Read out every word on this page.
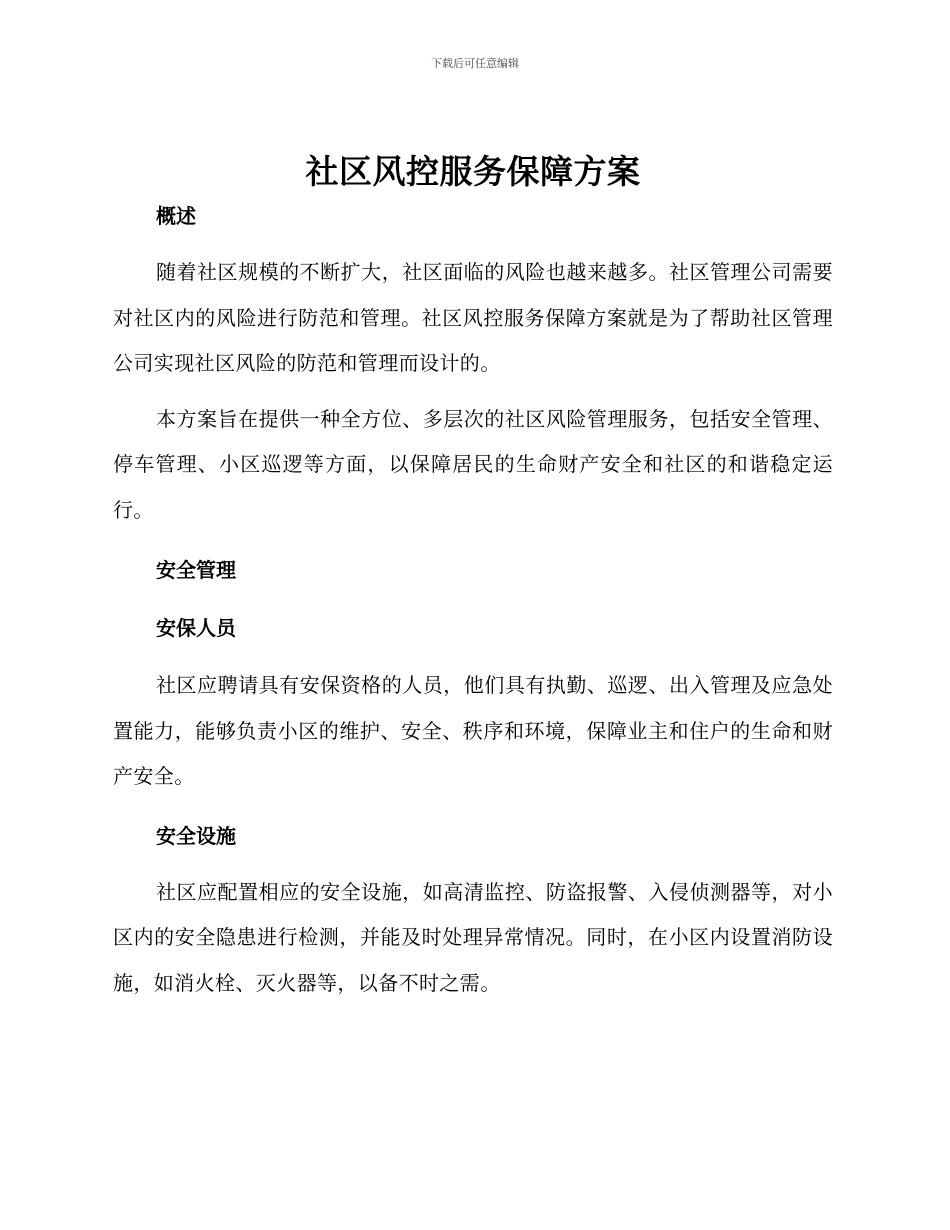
下载后可任意编辑
社区风控服务保障方案
概述

随着社区规模的不断扩大，社区面临的风险也越来越多。社区管理公司需要对社区内的风险进行防范和管理。社区风控服务保障方案就是为了帮助社区管理公司实现社区风险的防范和管理而设计的。

本方案旨在提供一种全方位、多层次的社区风险管理服务，包括安全管理、停车管理、小区巡逻等方面，以保障居民的生命财产安全和社区的和谐稳定运行。

安全管理
安保人员

社区应聘请具有安保资格的人员，他们具有执勤、巡逻、出入管理及应急处置能力，能够负责小区的维护、安全、秩序和环境，保障业主和住户的生命和财产安全。

安全设施

社区应配置相应的安全设施，如高清监控、防盗报警、入侵侦测器等，对小区内的安全隐患进行检测，并能及时处理异常情况。同时，在小区内设置消防设施，如消火栓、灭火器等，以备不时之需。
